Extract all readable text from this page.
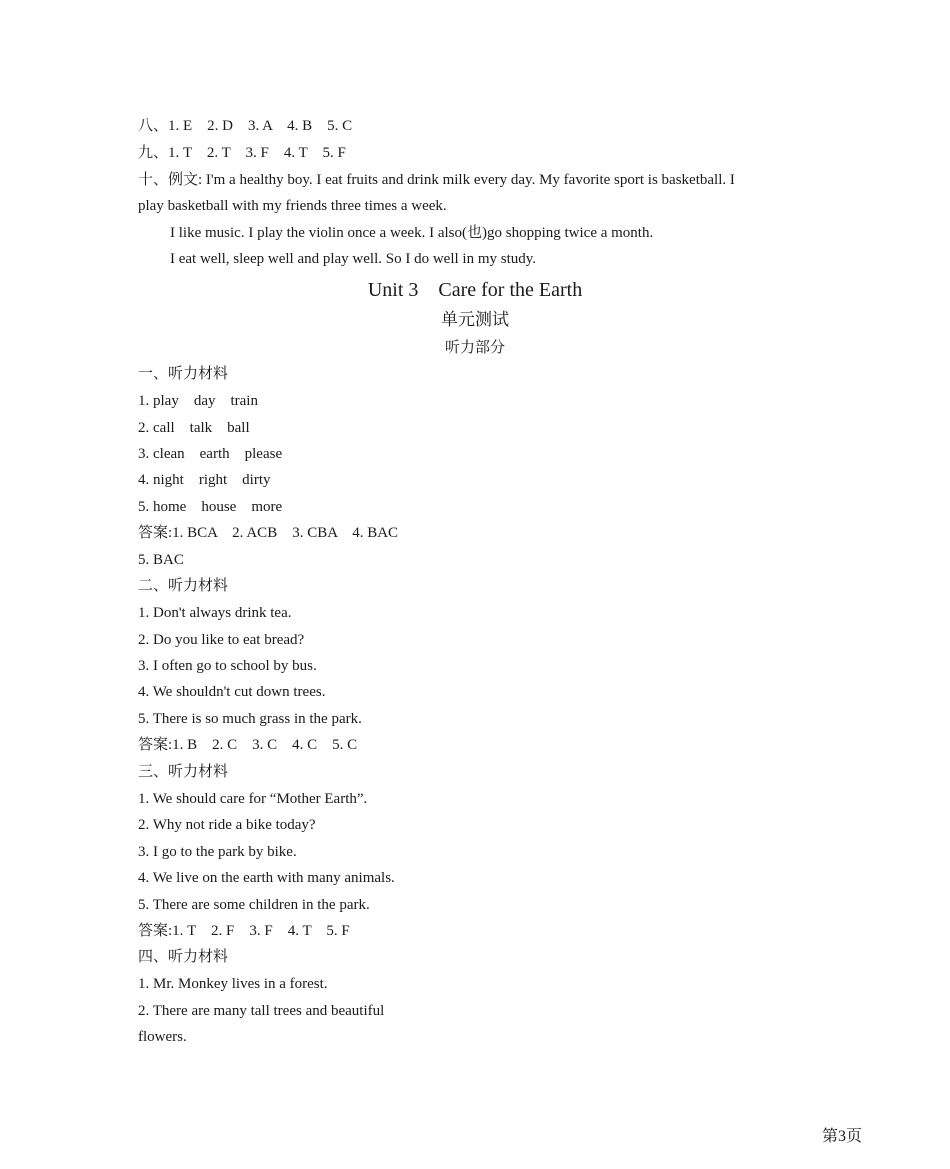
八、1. E    2. D    3. A    4. B    5. C
九、1. T    2. T    3. F    4. T    5. F
十、例文: I'm a healthy boy. I eat fruits and drink milk every day. My favorite sport is basketball. I
play basketball with my friends three times a week.
I like music. I play the violin once a week. I also(也)go shopping twice a month.
I eat well, sleep well and play well. So I do well in my study.
Unit 3    Care for the Earth
单元测试
听力部分
一、听力材料
1. play    day    train
2. call    talk    ball
3. clean    earth    please
4. night    right    dirty
5. home    house    more
答案:1. BCA    2. ACB    3. CBA    4. BAC
5. BAC
二、听力材料
1. Don't always drink tea.
2. Do you like to eat bread?
3. I often go to school by bus.
4. We shouldn't cut down trees.
5. There is so much grass in the park.
答案:1. B    2. C    3. C    4. C    5. C
三、听力材料
1. We should care for “Mother Earth”.
2. Why not ride a bike today?
3. I go to the park by bike.
4. We live on the earth with many animals.
5. There are some children in the park.
答案:1. T    2. F    3. F    4. T    5. F
四、听力材料
1. Mr. Monkey lives in a forest.
2. There are many tall trees and beautiful
flowers.
第3页
